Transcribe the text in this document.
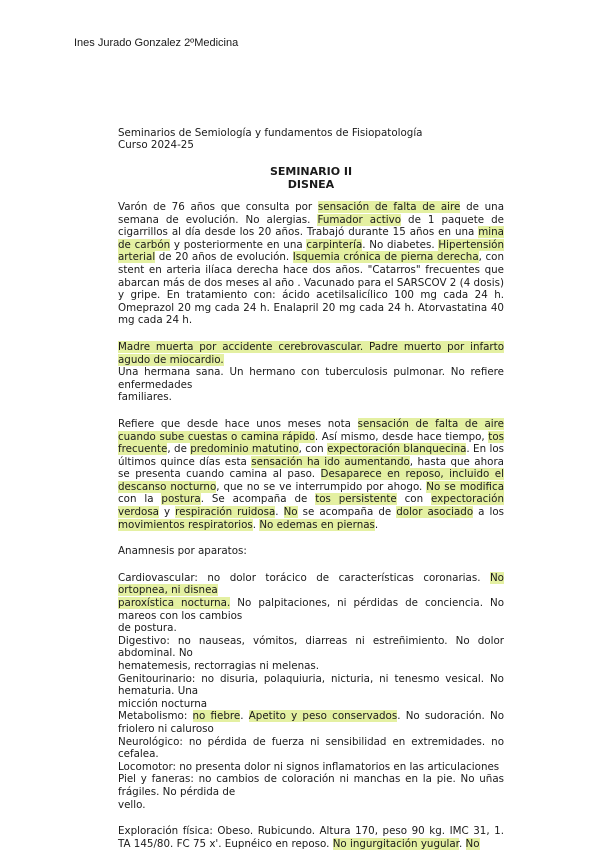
Ines Jurado Gonzalez 2ºMedicina
Seminarios de Semiología y fundamentos de Fisiopatología
Curso 2024-25
SEMINARIO II
DISNEA

Varón de 76 años que consulta por sensación de falta de aire de una semana de evolución. No alergias. Fumador activo de 1 paquete de cigarrillos al día desde los 20 años. Trabajó durante 15 años en una mina de carbón y posteriormente en una carpintería. No diabetes. Hipertensión arterial de 20 años de evolución. Isquemia crónica de pierna derecha, con stent en arteria ilíaca derecha hace dos años. "Catarros" frecuentes que abarcan más de dos meses al año . Vacunado para el SARSCOV 2 (4 dosis) y gripe. En tratamiento con: ácido acetilsalicílico 100 mg cada 24 h. Omeprazol 20 mg cada 24 h. Enalapril 20 mg cada 24 h. Atorvastatina 40 mg cada 24 h.

Madre muerta por accidente cerebrovascular. Padre muerto por infarto agudo de miocardio.
Una hermana sana. Un hermano con tuberculosis pulmonar. No refiere enfermedades
familiares.

Refiere que desde hace unos meses nota sensación de falta de aire cuando sube cuestas o camina rápido. Así mismo, desde hace tiempo, tos frecuente, de predominio matutino, con expectoración blanquecina. En los últimos quince días esta sensación ha ido aumentando, hasta que ahora se presenta cuando camina al paso. Desaparece en reposo, incluido el descanso nocturno, que no se ve interrumpido por ahogo. No se modifica con la postura. Se acompaña de tos persistente con expectoración verdosa y respiración ruidosa. No se acompaña de dolor asociado a los movimientos respiratorios. No edemas en piernas.

Anamnesis por aparatos:

Cardiovascular: no dolor torácico de características coronarias. No ortopnea, ni disnea
paroxística nocturna. No palpitaciones, ni pérdidas de conciencia. No mareos con los cambios
de postura.

Digestivo: no nauseas, vómitos, diarreas ni estreñimiento. No dolor abdominal. No
hematemesis, rectorragias ni melenas.

Genitourinario: no disuria, polaquiuria, nicturia, ni tenesmo vesical. No hematuria. Una
micción nocturna

Metabolismo: no fiebre. Apetito y peso conservados. No sudoración. No friolero ni caluroso

Neurológico: no pérdida de fuerza ni sensibilidad en extremidades. no cefalea.

Locomotor: no presenta dolor ni signos inflamatorios en las articulaciones

Piel y faneras: no cambios de coloración ni manchas en la pie. No uñas frágiles. No pérdida de
vello.

Exploración física: Obeso. Rubicundo. Altura 170, peso 90 kg. IMC 31, 1. TA 145/80. FC 75 x'. Eupnéico en reposo. No ingurgitación yugular. No
